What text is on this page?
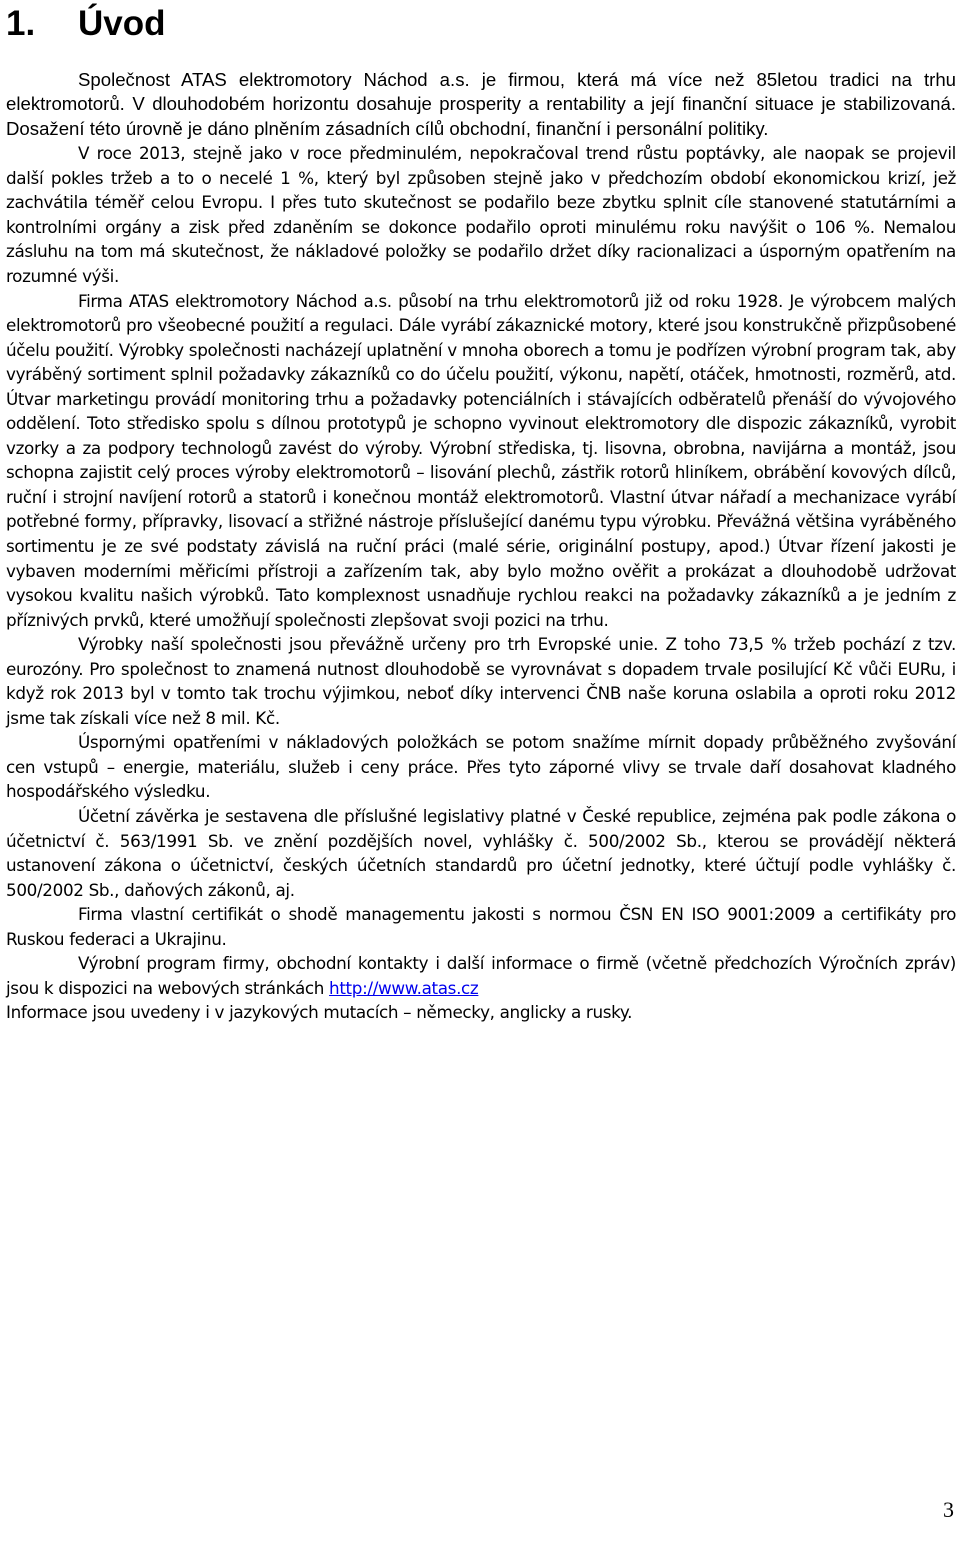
1. Úvod

Společnost ATAS elektromotory Náchod a.s. je firmou, která má více než 85letou tradici na trhu elektromotorů. V dlouhodobém horizontu dosahuje prosperity a rentability a její finanční situace je stabilizovaná. Dosažení této úrovně je dáno plněním zásadních cílů obchodní, finanční i personální politiky.

V roce 2013, stejně jako v roce předminulém, nepokračoval trend růstu poptávky, ale naopak se projevil další pokles tržeb a to o necelé 1 %, který byl způsoben stejně jako v předchozím období ekonomickou krizí, jež zachvátila téměř celou Evropu. I přes tuto skutečnost se podařilo beze zbytku splnit cíle stanovené statutárními a kontrolními orgány a zisk před zdaněním se dokonce podařilo oproti minulému roku navýšit o 106 %. Nemalou zásluhu na tom má skutečnost, že nákladové položky se podařilo držet díky racionalizaci a úsporným opatřením na rozumné výši.

Firma ATAS elektromotory Náchod a.s. působí na trhu elektromotorů již od roku 1928. Je výrobcem malých elektromotorů pro všeobecné použití a regulaci. Dále vyrábí zákaznické motory, které jsou konstrukčně přizpůsobené účelu použití. Výrobky společnosti nacházejí uplatnění v mnoha oborech a tomu je podřízen výrobní program tak, aby vyráběný sortiment splnil požadavky zákazníků co do účelu použití, výkonu, napětí, otáček, hmotnosti, rozměrů, atd. Útvar marketingu provádí monitoring trhu a požadavky potenciálních i stávajících odběratelů přenáší do vývojového oddělení. Toto středisko spolu s dílnou prototypů je schopno vyvinout elektromotory dle dispozic zákazníků, vyrobit vzorky a za podpory technologů zavést do výroby. Výrobní střediska, tj. lisovna, obrobna, navijárna a montáž, jsou schopna zajistit celý proces výroby elektromotorů – lisování plechů, zástřik rotorů hliníkem, obrábění kovových dílců, ruční i strojní navíjení rotorů a statorů i konečnou montáž elektromotorů. Vlastní útvar nářadí a mechanizace vyrábí potřebné formy, přípravky, lisovací a střižné nástroje příslušející danému typu výrobku. Převážná většina vyráběného sortimentu je ze své podstaty závislá na ruční práci (malé série, originální postupy, apod.) Útvar řízení jakosti je vybaven moderními měřicími přístroji a zařízením tak, aby bylo možno ověřit a prokázat a dlouhodobě udržovat vysokou kvalitu našich výrobků. Tato komplexnost usnadňuje rychlou reakci na požadavky zákazníků a je jedním z příznivých prvků, které umožňují společnosti zlepšovat svoji pozici na trhu.

Výrobky naší společnosti jsou převážně určeny pro trh Evropské unie. Z toho 73,5 % tržeb pochází z tzv. eurozóny. Pro společnost to znamená nutnost dlouhodobě se vyrovnávat s dopadem trvale posilující Kč vůči EURu, i když rok 2013 byl v tomto tak trochu výjimkou, neboť díky intervenci ČNB naše koruna oslabila a oproti roku 2012 jsme tak získali více než 8 mil. Kč.

Úspornými opatřeními v nákladových položkách se potom snažíme mírnit dopady průběžného zvyšování cen vstupů – energie, materiálu, služeb i ceny práce. Přes tyto záporné vlivy se trvale daří dosahovat kladného hospodářského výsledku.

Účetní závěrka je sestavena dle příslušné legislativy platné v České republice, zejména pak podle zákona o účetnictví č. 563/1991 Sb. ve znění pozdějších novel, vyhlášky č. 500/2002 Sb., kterou se provádějí některá ustanovení zákona o účetnictví, českých účetních standardů pro účetní jednotky, které účtují podle vyhlášky č. 500/2002 Sb., daňových zákonů, aj.

Firma vlastní certifikát o shodě managementu jakosti s normou ČSN EN ISO 9001:2009 a certifikáty pro Ruskou federaci a Ukrajinu.

Výrobní program firmy, obchodní kontakty i další informace o firmě (včetně předchozích Výročních zpráv) jsou k dispozici na webových stránkách http://www.atas.cz

Informace jsou uvedeny i v jazykových mutacích – německy, anglicky a rusky.

3
